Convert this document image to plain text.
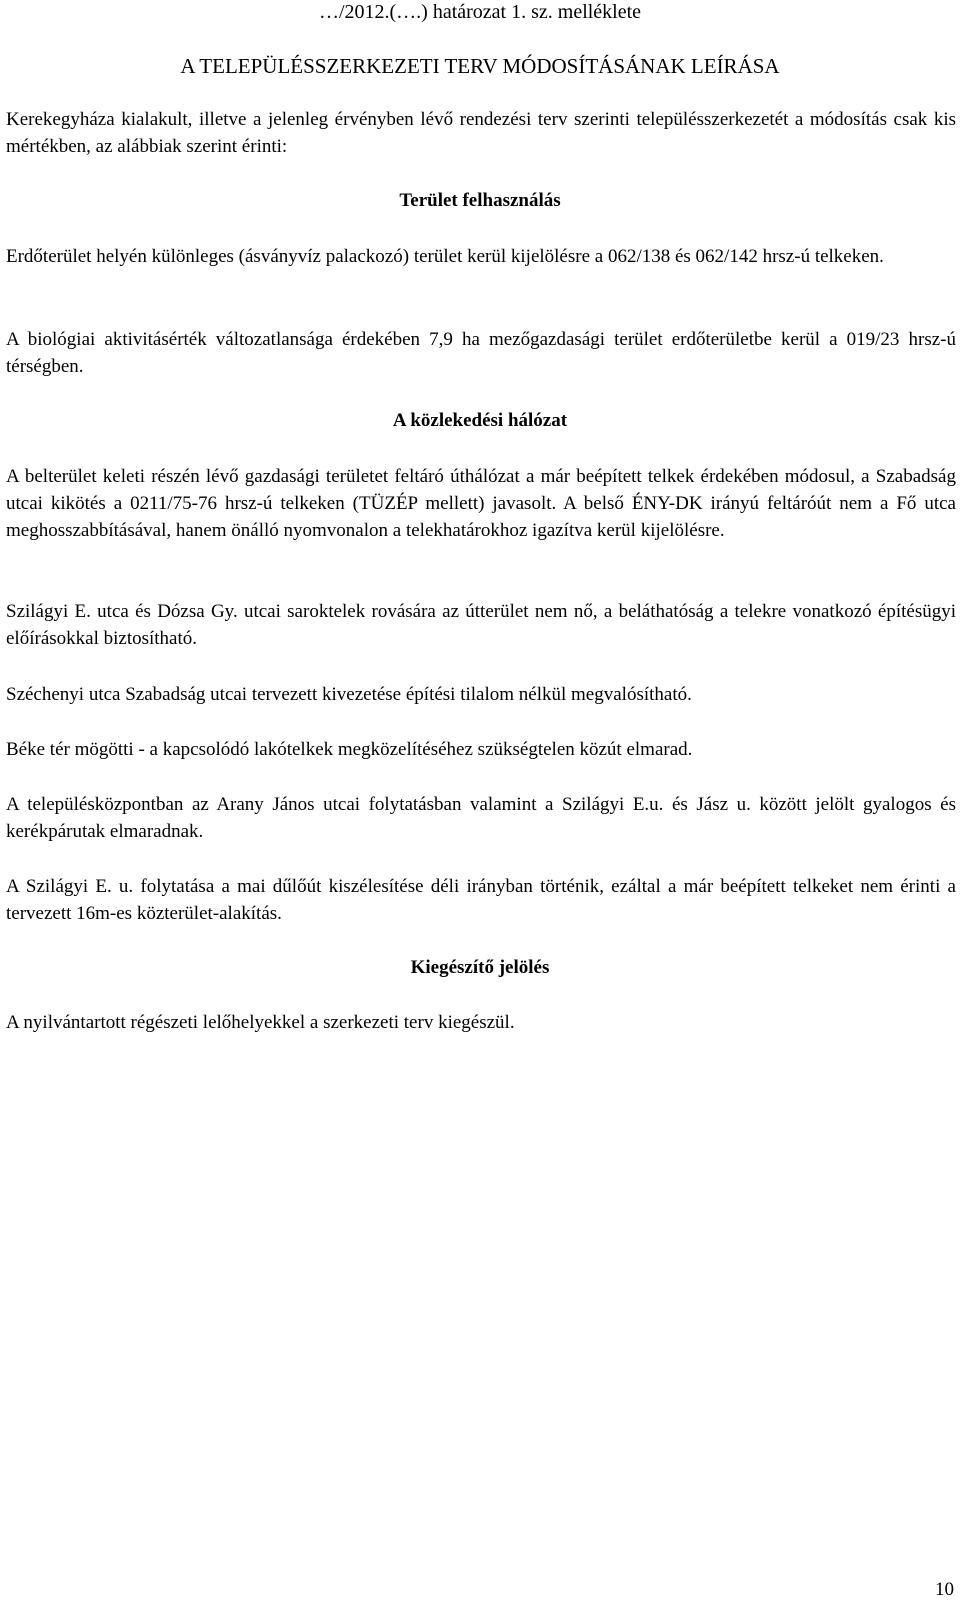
…/2012.(….) határozat 1. sz. melléklete
A TELEPÜLÉSSZERKEZETI TERV MÓDOSÍTÁSÁNAK LEÍRÁSA
Kerekegyháza kialakult, illetve a jelenleg érvényben lévő rendezési terv szerinti településszerkezetét a módosítás csak kis mértékben, az alábbiak szerint érinti:
Terület felhasználás
Erdőterület helyén különleges (ásványvíz palackozó) terület kerül kijelölésre a 062/138 és 062/142 hrsz-ú telkeken.
A biológiai aktivitásérték változatlansága érdekében 7,9 ha mezőgazdasági terület erdőterületbe kerül a 019/23 hrsz-ú térségben.
A közlekedési hálózat
A belterület keleti részén lévő gazdasági területet feltáró úthálózat a már beépített telkek érdekében módosul, a Szabadság utcai kikötés a 0211/75-76 hrsz-ú telkeken (TÜZÉP mellett) javasolt. A belső ÉNY-DK irányú feltáróút nem a Fő utca meghosszabbításával, hanem önálló nyomvonalon a telekhatárokhoz igazítva kerül kijelölésre.
Szilágyi E. utca és Dózsa Gy. utcai saroktelek rovására az útterület nem nő, a beláthatóság a telekre vonatkozó építésügyi előírásokkal biztosítható.
Széchenyi utca Szabadság utcai tervezett kivezetése építési tilalom nélkül megvalósítható.
Béke tér mögötti - a kapcsolódó lakótelkek megközelítéséhez szükségtelen közút elmarad.
A településközpontban az Arany János utcai folytatásban valamint a Szilágyi E.u. és Jász u. között jelölt gyalogos és kerékpárutak elmaradnak.
A Szilágyi E. u. folytatása a mai dűlőút kiszélesítése déli irányban történik, ezáltal a már beépített telkeket nem érinti a tervezett 16m-es közterület-alakítás.
Kiegészítő jelölés
A nyilvántartott régészeti lelőhelyekkel a szerkezeti terv kiegészül.
10
